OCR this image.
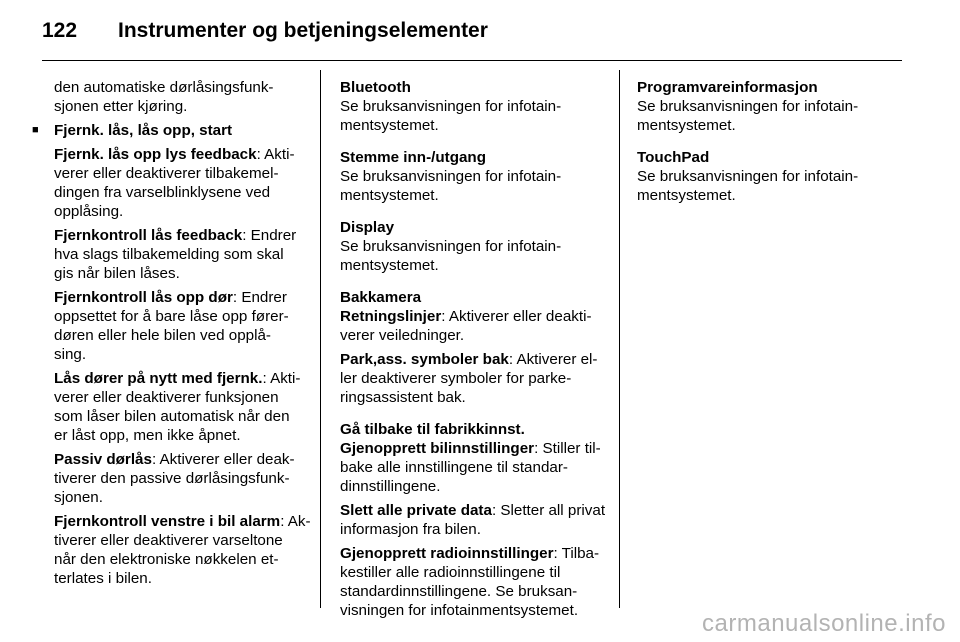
122	Instrumenter og betjeningselementer

den automatiske dørlåsingsfunk-
sjonen etter kjøring.

■ Fjernk. lås, lås opp, start

Fjernk. lås opp lys feedback: Akti-
verer eller deaktiverer tilbakemel-
dingen fra varselblinklysene ved
opplåsing.

Fjernkontroll lås feedback: Endrer
hva slags tilbakemelding som skal
gis når bilen låses.

Fjernkontroll lås opp dør: Endrer
oppsettet for å bare låse opp fører-
døren eller hele bilen ved opplå-
sing.

Lås dører på nytt med fjernk.: Akti-
verer eller deaktiverer funksjonen
som låser bilen automatisk når den
er låst opp, men ikke åpnet.

Passiv dørlås: Aktiverer eller deak-
tiverer den passive dørlåsingsfunk-
sjonen.

Fjernkontroll venstre i bil alarm: Ak-
tiverer eller deaktiverer varseltone
når den elektroniske nøkkelen et-
terlates i bilen.

Bluetooth
Se bruksanvisningen for infotain-
mentsystemet.
Stemme inn-/utgang
Se bruksanvisningen for infotain-
mentsystemet.
Display
Se bruksanvisningen for infotain-
mentsystemet.
Bakkamera

Retningslinjer: Aktiverer eller deakti-
verer veiledninger.

Park,ass. symboler bak: Aktiverer el-
ler deaktiverer symboler for parke-
ringsassistent bak.

Gå tilbake til fabrikkinnst.

Gjenopprett bilinnstillinger: Stiller til-
bake alle innstillingene til standar-
dinnstillingene.

Slett alle private data: Sletter all privat
informasjon fra bilen.

Gjenopprett radioinnstillinger: Tilba-
kestiller alle radioinnstillingene til
standardinnstillingene. Se bruksan-
visningen for infotainmentsystemet.

Programvareinformasjon
Se bruksanvisningen for infotain-
mentsystemet.
TouchPad
Se bruksanvisningen for infotain-
mentsystemet.
carmanualsonline.info
